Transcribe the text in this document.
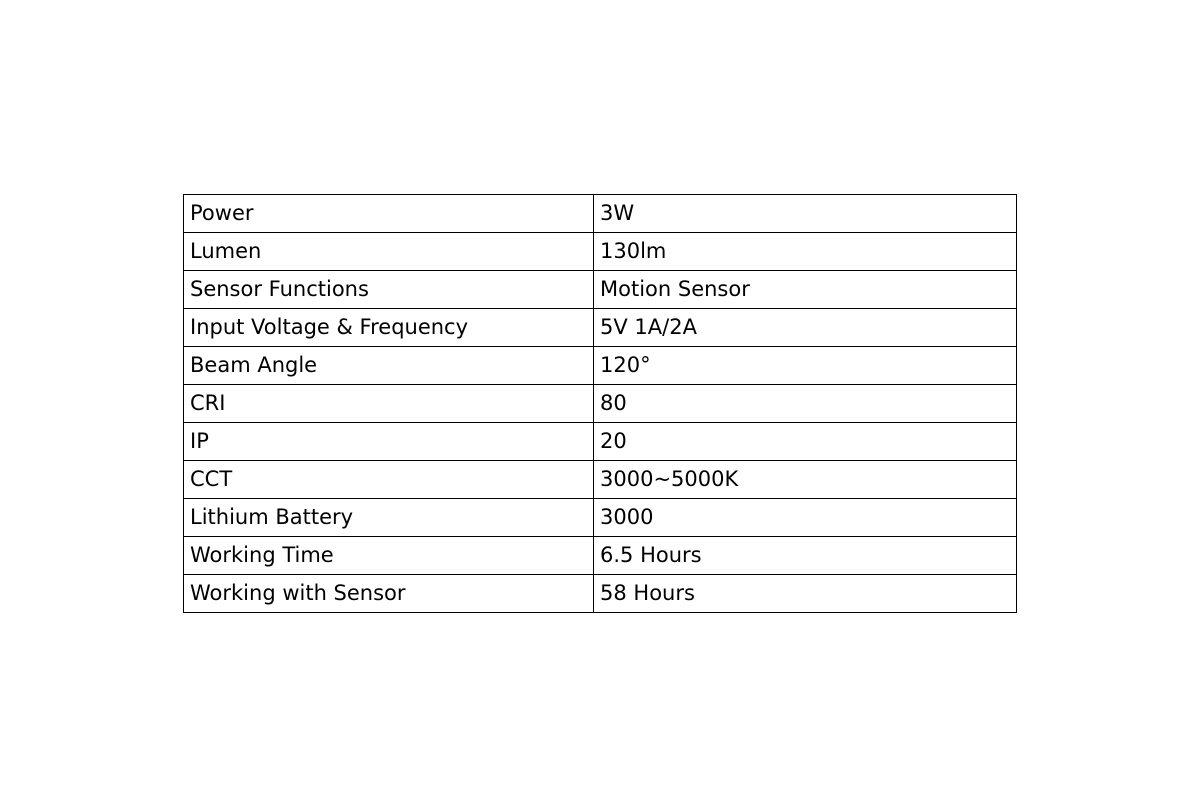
Power	3W
Lumen	130lm
Sensor Functions	Motion Sensor
Input Voltage & Frequency	5V 1A/2A
Beam Angle	120°
CRI	80
IP	20
CCT	3000~5000K
Lithium Battery	3000
Working Time	6.5 Hours
Working with Sensor	58 Hours
